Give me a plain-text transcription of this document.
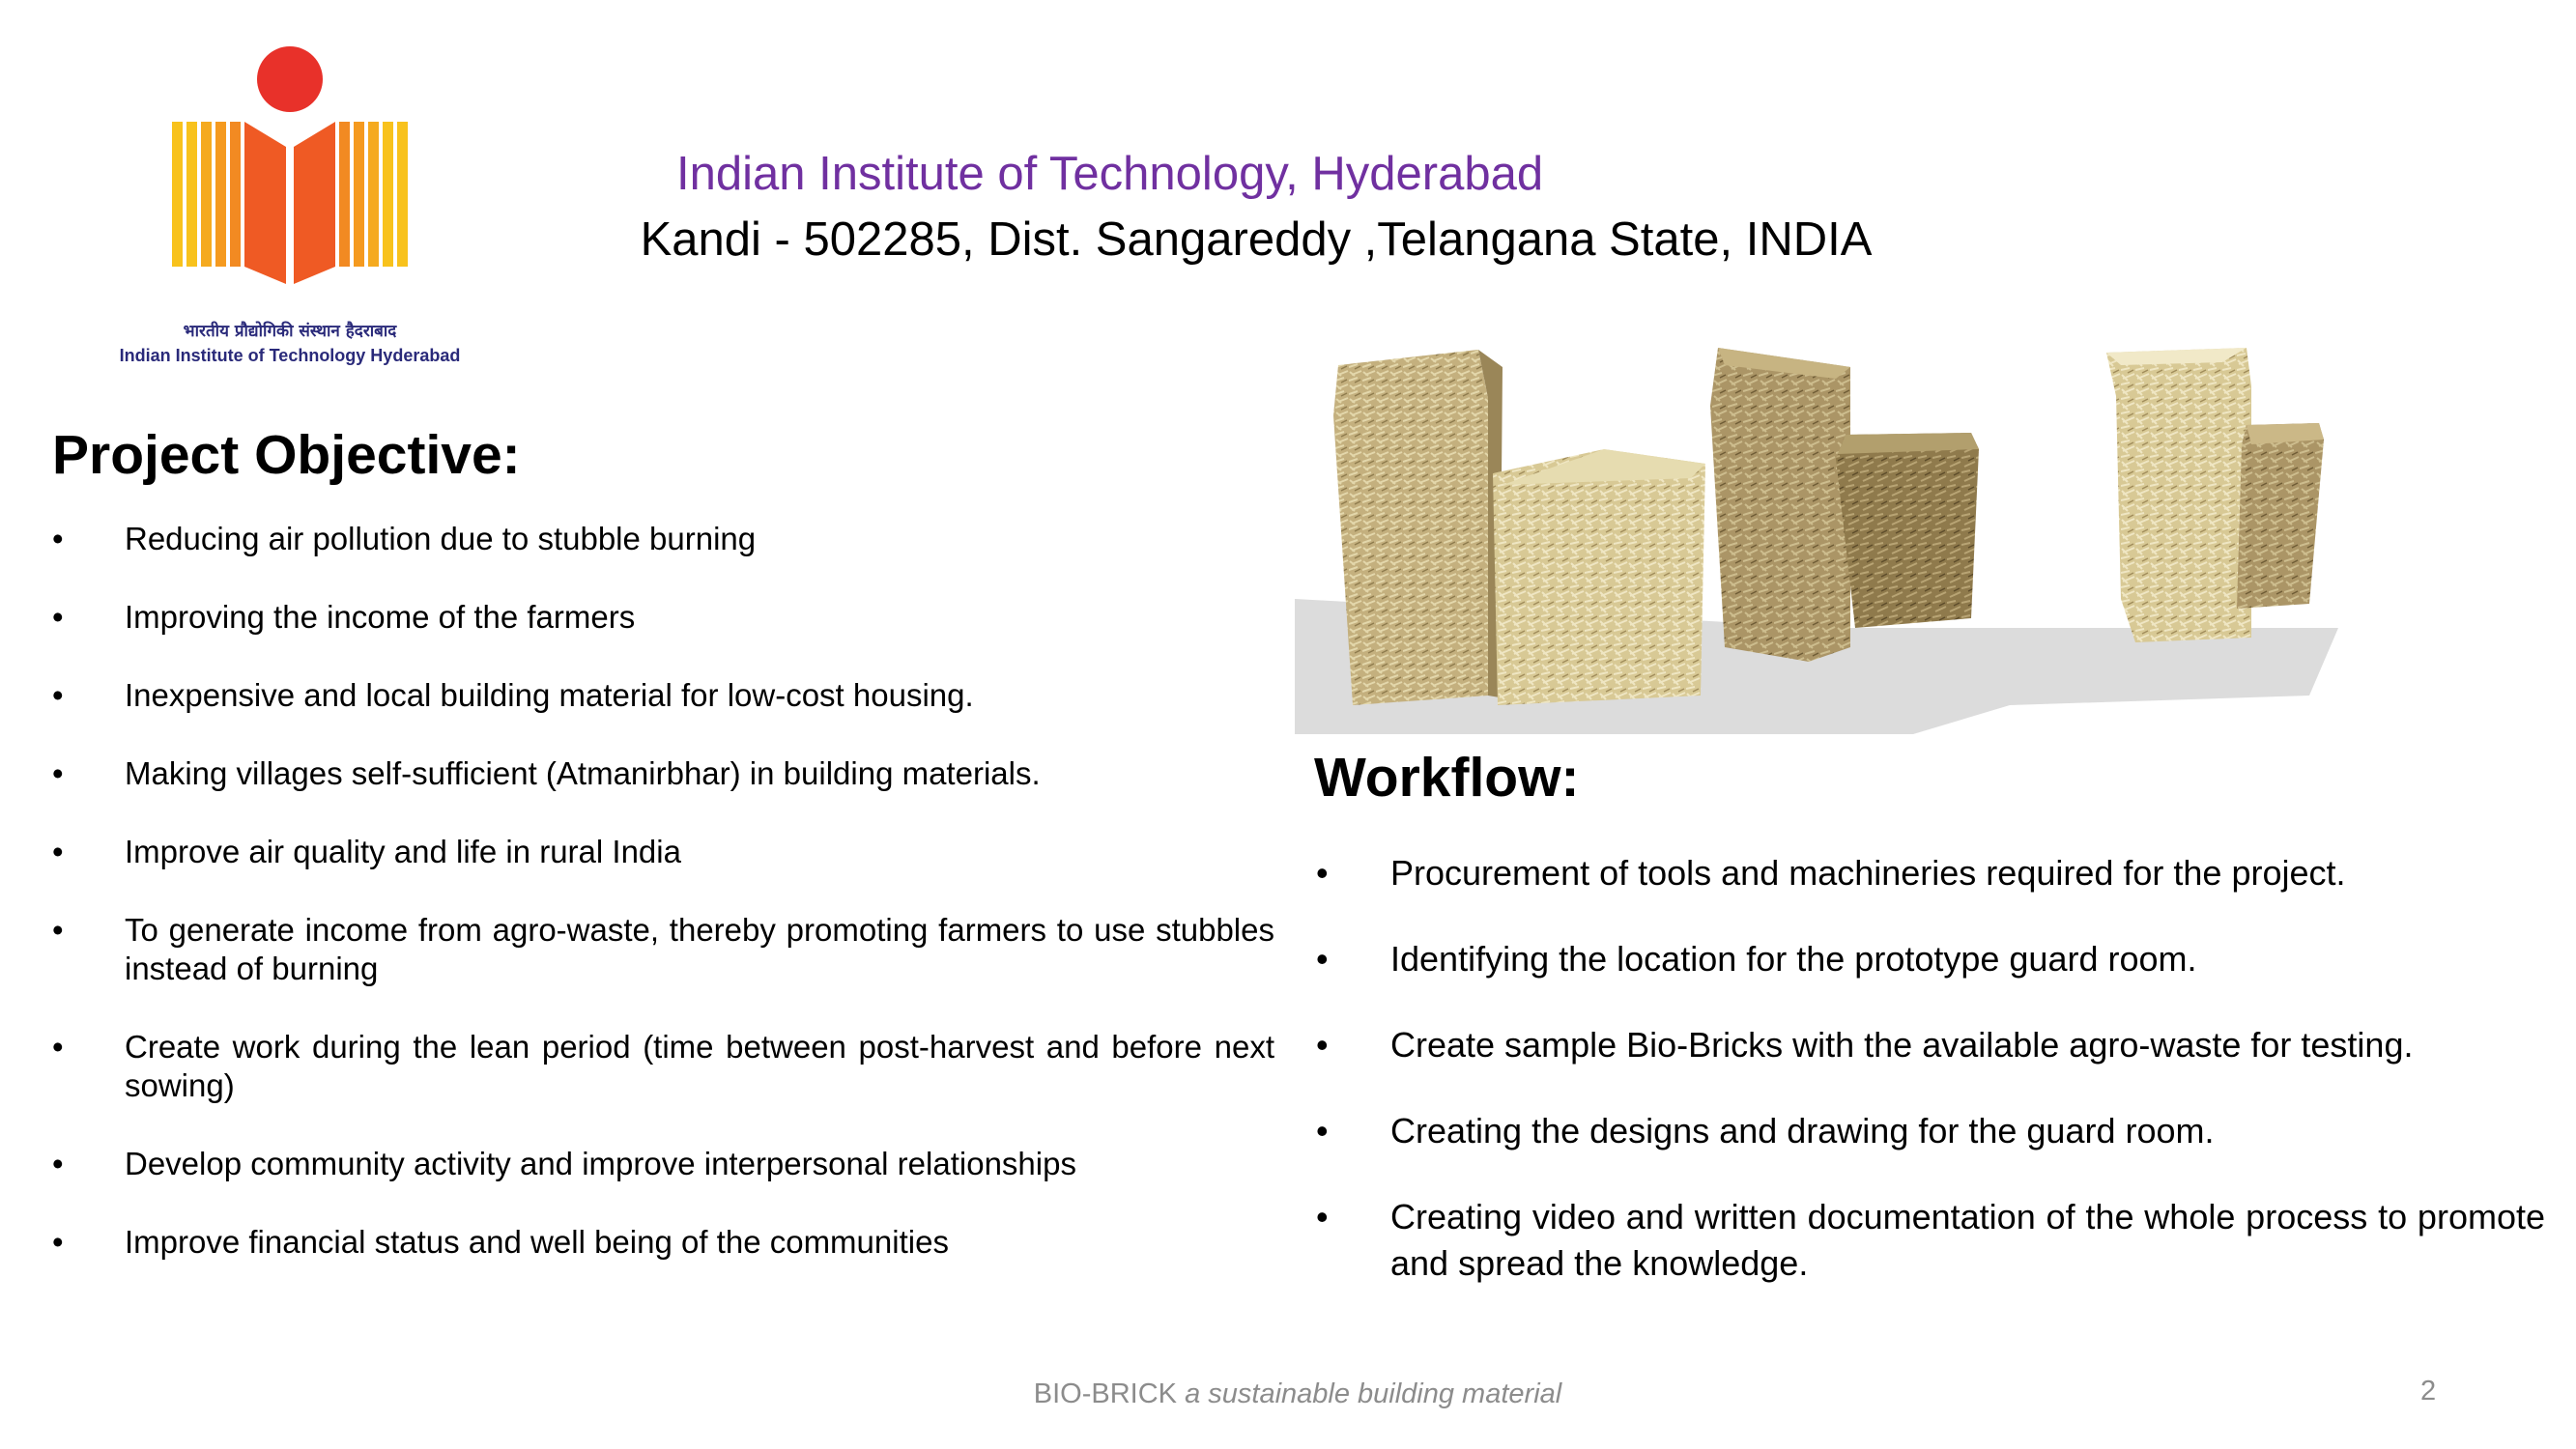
भारतीय प्रौद्योगिकी संस्थान हैदराबाद
Indian Institute of Technology Hyderabad
Indian Institute of Technology, Hyderabad
Kandi - 502285, Dist. Sangareddy ,Telangana State, INDIA
Project Objective:
• Reducing air pollution due to stubble burning
• Improving the income of the farmers
• Inexpensive and local building material for low-cost housing.
• Making villages self-sufficient (Atmanirbhar) in building materials.
• Improve air quality and life in rural India
• To generate income from agro-waste, thereby promoting farmers to use stubbles instead of burning
• Create work during the lean period (time between post-harvest and before next sowing)
• Develop community activity and improve interpersonal relationships
• Improve financial status and well being of the communities
Workflow:
• Procurement of tools and machineries required for the project.
• Identifying the location for the prototype guard room.
• Create sample Bio-Bricks with the available agro-waste for testing.
• Creating the designs and drawing for the guard room.
• Creating video and written documentation of the whole process to promote and spread the knowledge.
BIO-BRICK a sustainable building material	2
